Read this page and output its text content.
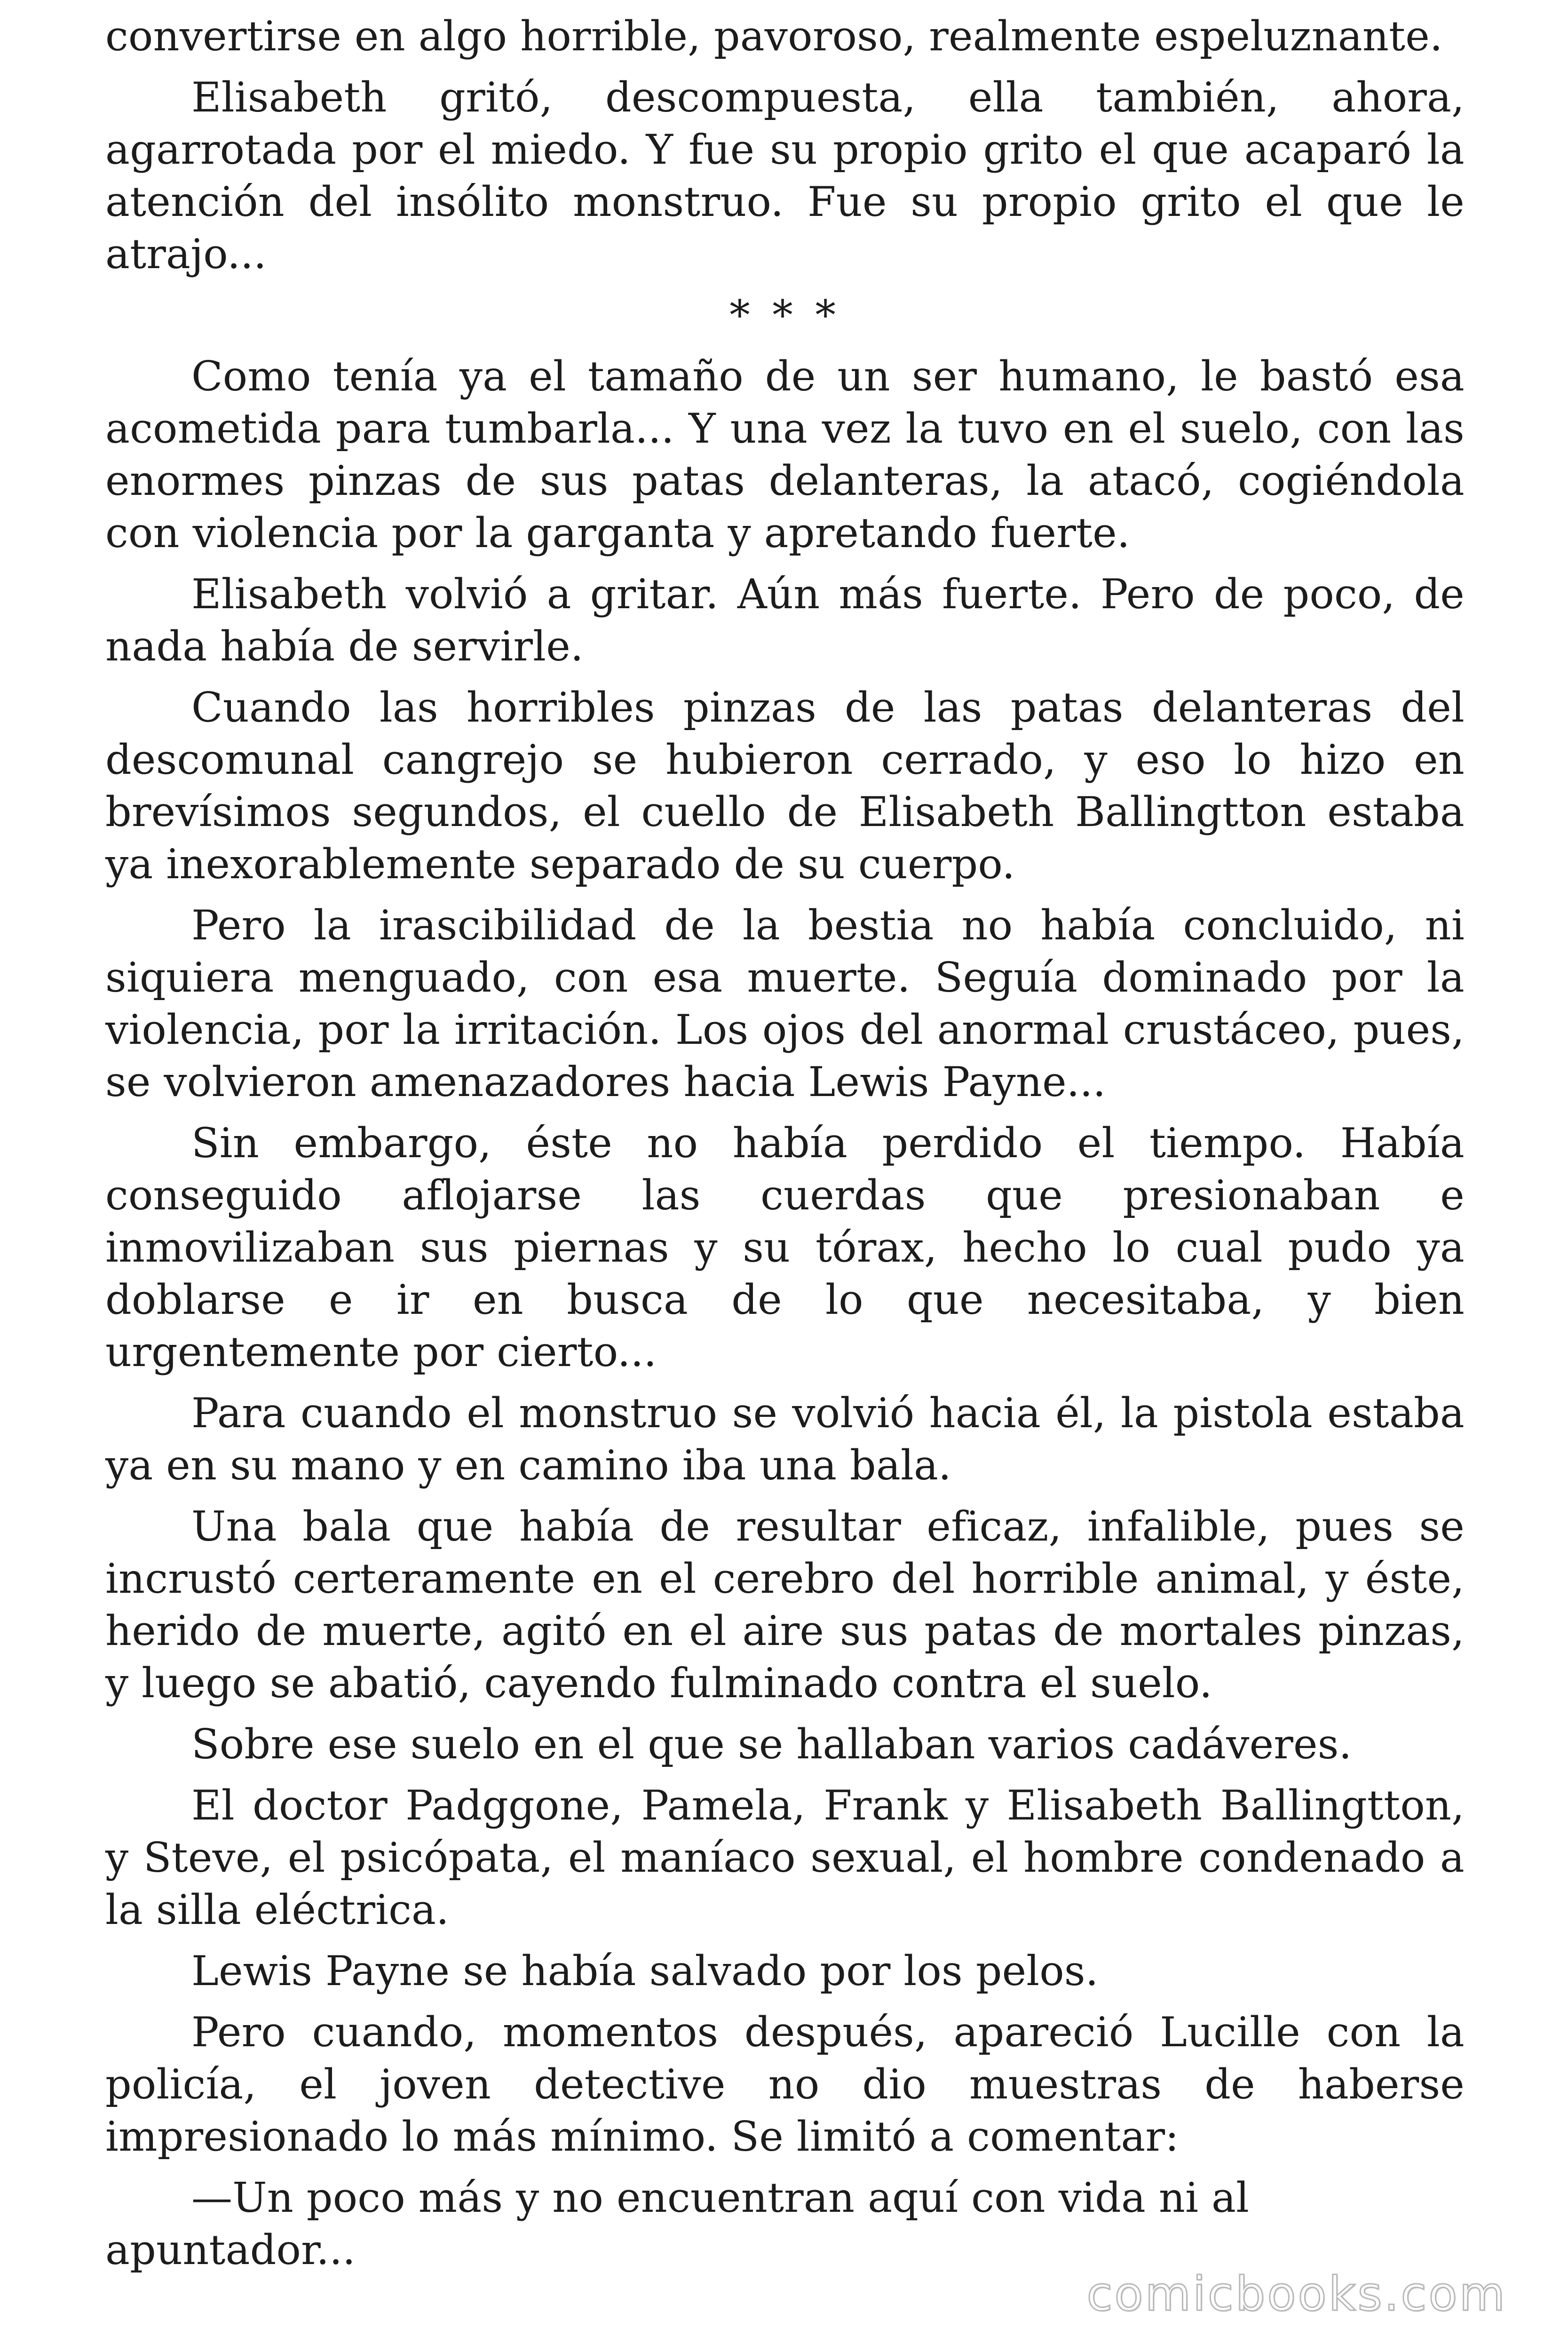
convertirse en algo horrible, pavoroso, realmente espeluznante.

Elisabeth gritó, descompuesta, ella también, ahora, agarrotada por el miedo. Y fue su propio grito el que acaparó la atención del insólito monstruo. Fue su propio grito el que le atrajo...

* * *

Como tenía ya el tamaño de un ser humano, le bastó esa acometida para tumbarla... Y una vez la tuvo en el suelo, con las enormes pinzas de sus patas delanteras, la atacó, cogiéndola con violencia por la garganta y apretando fuerte.

Elisabeth volvió a gritar. Aún más fuerte. Pero de poco, de nada había de servirle.

Cuando las horribles pinzas de las patas delanteras del descomunal cangrejo se hubieron cerrado, y eso lo hizo en brevísimos segundos, el cuello de Elisabeth Ballingtton estaba ya inexorablemente separado de su cuerpo.

Pero la irascibilidad de la bestia no había concluido, ni siquiera menguado, con esa muerte. Seguía dominado por la violencia, por la irritación. Los ojos del anormal crustáceo, pues, se volvieron amenazadores hacia Lewis Payne...

Sin embargo, éste no había perdido el tiempo. Había conseguido aflojarse las cuerdas que presionaban e inmovilizaban sus piernas y su tórax, hecho lo cual pudo ya doblarse e ir en busca de lo que necesitaba, y bien urgentemente por cierto...

Para cuando el monstruo se volvió hacia él, la pistola estaba ya en su mano y en camino iba una bala.

Una bala que había de resultar eficaz, infalible, pues se incrustó certeramente en el cerebro del horrible animal, y éste, herido de muerte, agitó en el aire sus patas de mortales pinzas, y luego se abatió, cayendo fulminado contra el suelo.

Sobre ese suelo en el que se hallaban varios cadáveres.

El doctor Padggone, Pamela, Frank y Elisabeth Ballingtton, y Steve, el psicópata, el maníaco sexual, el hombre condenado a la silla eléctrica.

Lewis Payne se había salvado por los pelos.

Pero cuando, momentos después, apareció Lucille con la policía, el joven detective no dio muestras de haberse impresionado lo más mínimo. Se limitó a comentar:

—Un poco más y no encuentran aquí con vida ni al apuntador...

comicbooks.com
